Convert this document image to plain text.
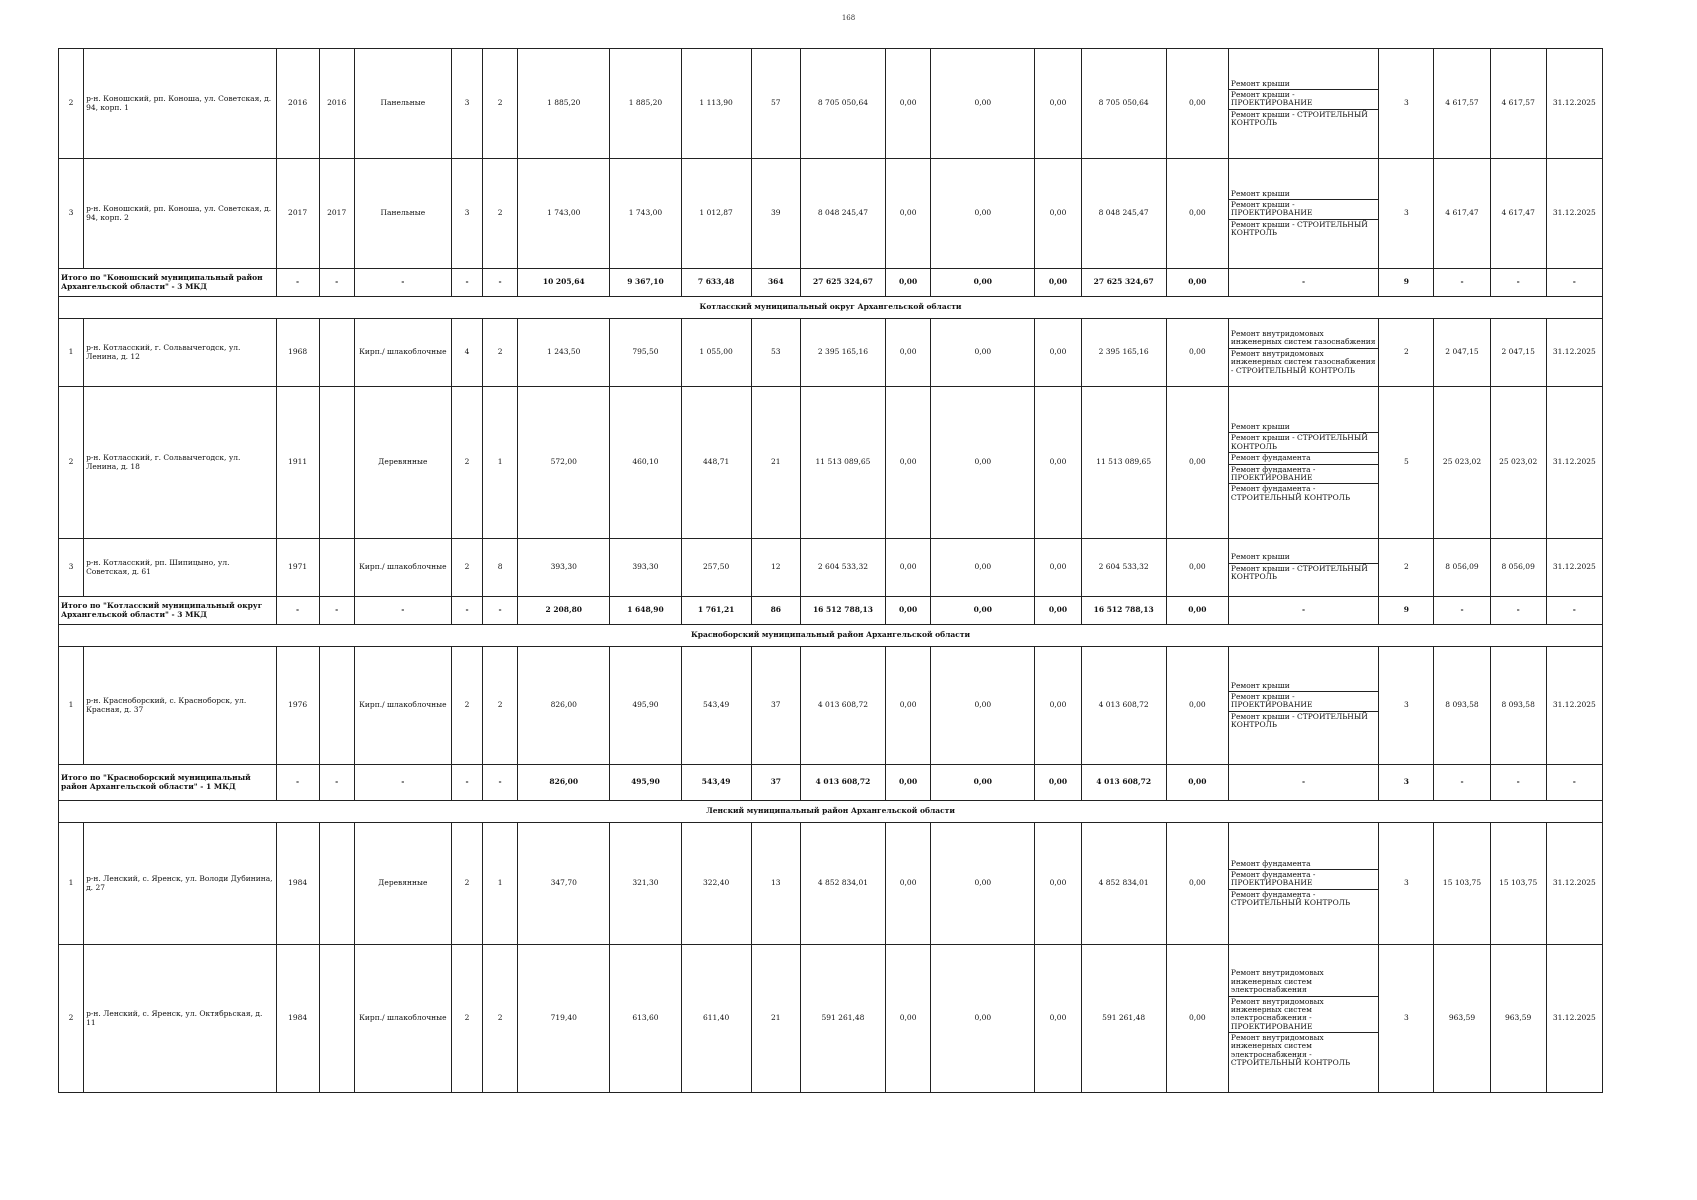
168
2	р-н. Коношский, рп. Коноша, ул. Советская, д. 94, корп. 1	2016	2016	Панельные	3	2	1 885,20	1 885,20	1 113,90	57	8 705 050,64	0,00	0,00	0,00	8 705 050,64	0,00	Ремонт крыши
Ремонт крыши - ПРОЕКТИРОВАНИЕ
Ремонт крыши - СТРОИТЕЛЬНЫЙ КОНТРОЛЬ	3	4 617,57	4 617,57	31.12.2025
3	р-н. Коношский, рп. Коноша, ул. Советская, д. 94, корп. 2	2017	2017	Панельные	3	2	1 743,00	1 743,00	1 012,87	39	8 048 245,47	0,00	0,00	0,00	8 048 245,47	0,00	Ремонт крыши
Ремонт крыши - ПРОЕКТИРОВАНИЕ
Ремонт крыши - СТРОИТЕЛЬНЫЙ КОНТРОЛЬ	3	4 617,47	4 617,47	31.12.2025
Итого по "Коношский муниципальный район Архангельской области" - 3 МКД		-	-	-	-	-	10 205,64	9 367,10	7 633,48	364	27 625 324,67	0,00	0,00	0,00	27 625 324,67	0,00	-	9	-	-	-
Котласский муниципальный округ Архангельской области																					
1	р-н. Котласский, г. Сольвычегодск, ул. Ленина, д. 12	1968		Кирп./ шлакоблочные	4	2	1 243,50	795,50	1 055,00	53	2 395 165,16	0,00	0,00	0,00	2 395 165,16	0,00	Ремонт внутридомовых инженерных систем газоснабжения
Ремонт внутридомовых инженерных систем газоснабжения - СТРОИТЕЛЬНЫЙ КОНТРОЛЬ	2	2 047,15	2 047,15	31.12.2025
2	р-н. Котласский, г. Сольвычегодск, ул. Ленина, д. 18	1911		Деревянные	2	1	572,00	460,10	448,71	21	11 513 089,65	0,00	0,00	0,00	11 513 089,65	0,00	Ремонт крыши
Ремонт крыши - СТРОИТЕЛЬНЫЙ КОНТРОЛЬ
Ремонт фундамента
Ремонт фундамента - ПРОЕКТИРОВАНИЕ
Ремонт фундамента - СТРОИТЕЛЬНЫЙ КОНТРОЛЬ	5	25 023,02	25 023,02	31.12.2025
3	р-н. Котласский, рп. Шипицыно, ул. Советская, д. 61	1971		Кирп./ шлакоблочные	2	8	393,30	393,30	257,50	12	2 604 533,32	0,00	0,00	0,00	2 604 533,32	0,00	Ремонт крыши
Ремонт крыши - СТРОИТЕЛЬНЫЙ КОНТРОЛЬ	2	8 056,09	8 056,09	31.12.2025
Итого по "Котласский муниципальный округ Архангельской области" - 3 МКД		-	-	-	-	-	2 208,80	1 648,90	1 761,21	86	16 512 788,13	0,00	0,00	0,00	16 512 788,13	0,00	-	9	-	-	-
Красноборский муниципальный район Архангельской области																					
1	р-н. Красноборский, с. Красноборск, ул. Красная, д. 37	1976		Кирп./ шлакоблочные	2	2	826,00	495,90	543,49	37	4 013 608,72	0,00	0,00	0,00	4 013 608,72	0,00	Ремонт крыши
Ремонт крыши - ПРОЕКТИРОВАНИЕ
Ремонт крыши - СТРОИТЕЛЬНЫЙ КОНТРОЛЬ	3	8 093,58	8 093,58	31.12.2025
Итого по "Красноборский муниципальный район Архангельской области" - 1 МКД		-	-	-	-	-	826,00	495,90	543,49	37	4 013 608,72	0,00	0,00	0,00	4 013 608,72	0,00	-	3	-	-	-
Ленский муниципальный район Архангельской области																					
1	р-н. Ленский, с. Яренск, ул. Володи Дубинина, д. 27	1984		Деревянные	2	1	347,70	321,30	322,40	13	4 852 834,01	0,00	0,00	0,00	4 852 834,01	0,00	Ремонт фундамента
Ремонт фундамента - ПРОЕКТИРОВАНИЕ
Ремонт фундамента - СТРОИТЕЛЬНЫЙ КОНТРОЛЬ	3	15 103,75	15 103,75	31.12.2025
2	р-н. Ленский, с. Яренск, ул. Октябрьская, д. 11	1984		Кирп./ шлакоблочные	2	2	719,40	613,60	611,40	21	591 261,48	0,00	0,00	0,00	591 261,48	0,00	Ремонт внутридомовых инженерных систем электроснабжения
Ремонт внутридомовых инженерных систем электроснабжения - ПРОЕКТИРОВАНИЕ
Ремонт внутридомовых инженерных систем электроснабжения - СТРОИТЕЛЬНЫЙ КОНТРОЛЬ	3	963,59	963,59	31.12.2025
